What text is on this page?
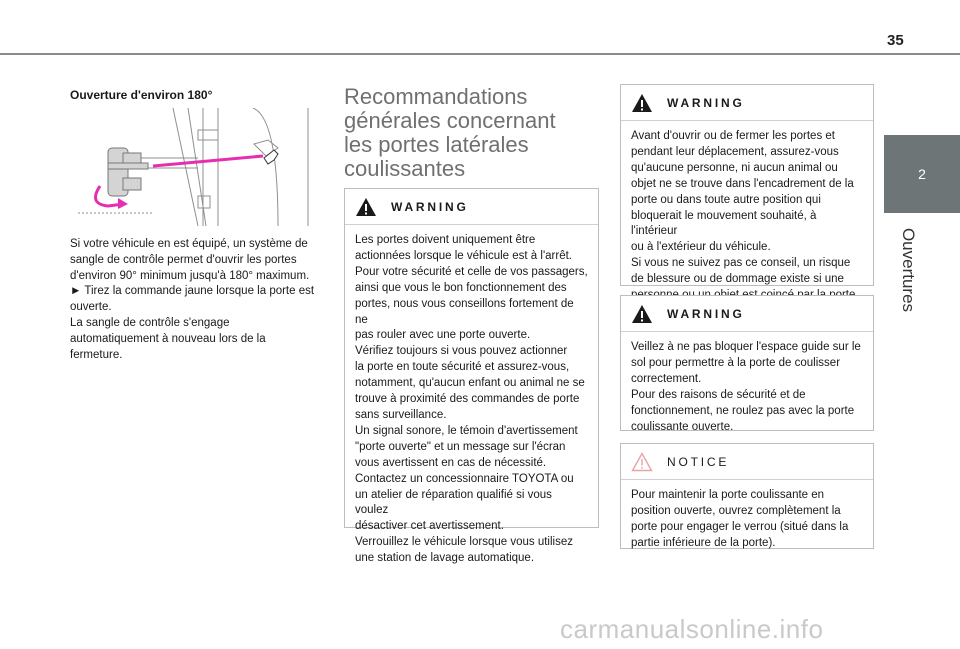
35
2
Ouvertures
Ouverture d'environ 180°

Si votre véhicule en est équipé, un système de
sangle de contrôle permet d'ouvrir les portes
d'environ 90° minimum jusqu'à 180° maximum.
► Tirez la commande jaune lorsque la porte est
ouverte.
La sangle de contrôle s'engage
automatiquement à nouveau lors de la
fermeture.

Recommandations
générales concernant
les portes latérales
coulissantes
WARNING
Les portes doivent uniquement être
actionnées lorsque le véhicule est à l'arrêt.
Pour votre sécurité et celle de vos passagers,
ainsi que vous le bon fonctionnement des
portes, nous vous conseillons fortement de ne
pas rouler avec une porte ouverte.
Vérifiez toujours si vous pouvez actionner
la porte en toute sécurité et assurez-vous,
notamment, qu'aucun enfant ou animal ne se
trouve à proximité des commandes de porte
sans surveillance.
Un signal sonore, le témoin d'avertissement
"porte ouverte" et un message sur l'écran
vous avertissent en cas de nécessité.
Contactez un concessionnaire TOYOTA ou
un atelier de réparation qualifié si vous voulez
désactiver cet avertissement.
Verrouillez le véhicule lorsque vous utilisez
une station de lavage automatique.
WARNING
Avant d'ouvrir ou de fermer les portes et
pendant leur déplacement, assurez-vous
qu'aucune personne, ni aucun animal ou
objet ne se trouve dans l'encadrement de la
porte ou dans toute autre position qui
bloquerait le mouvement souhaité, à l'intérieur
ou à l'extérieur du véhicule.
Si vous ne suivez pas ce conseil, un risque
de blessure ou de dommage existe si une

WARNING
Veillez à ne pas bloquer l'espace guide sur le
sol pour permettre à la porte de coulisser
correctement.
Pour des raisons de sécurité et de
fonctionnement, ne roulez pas avec la porte
coulissante ouverte.
NOTICE
Pour maintenir la porte coulissante en
position ouverte, ouvrez complètement la
porte pour engager le verrou (situé dans la
partie inférieure de la porte).
carmanualsonline.info
